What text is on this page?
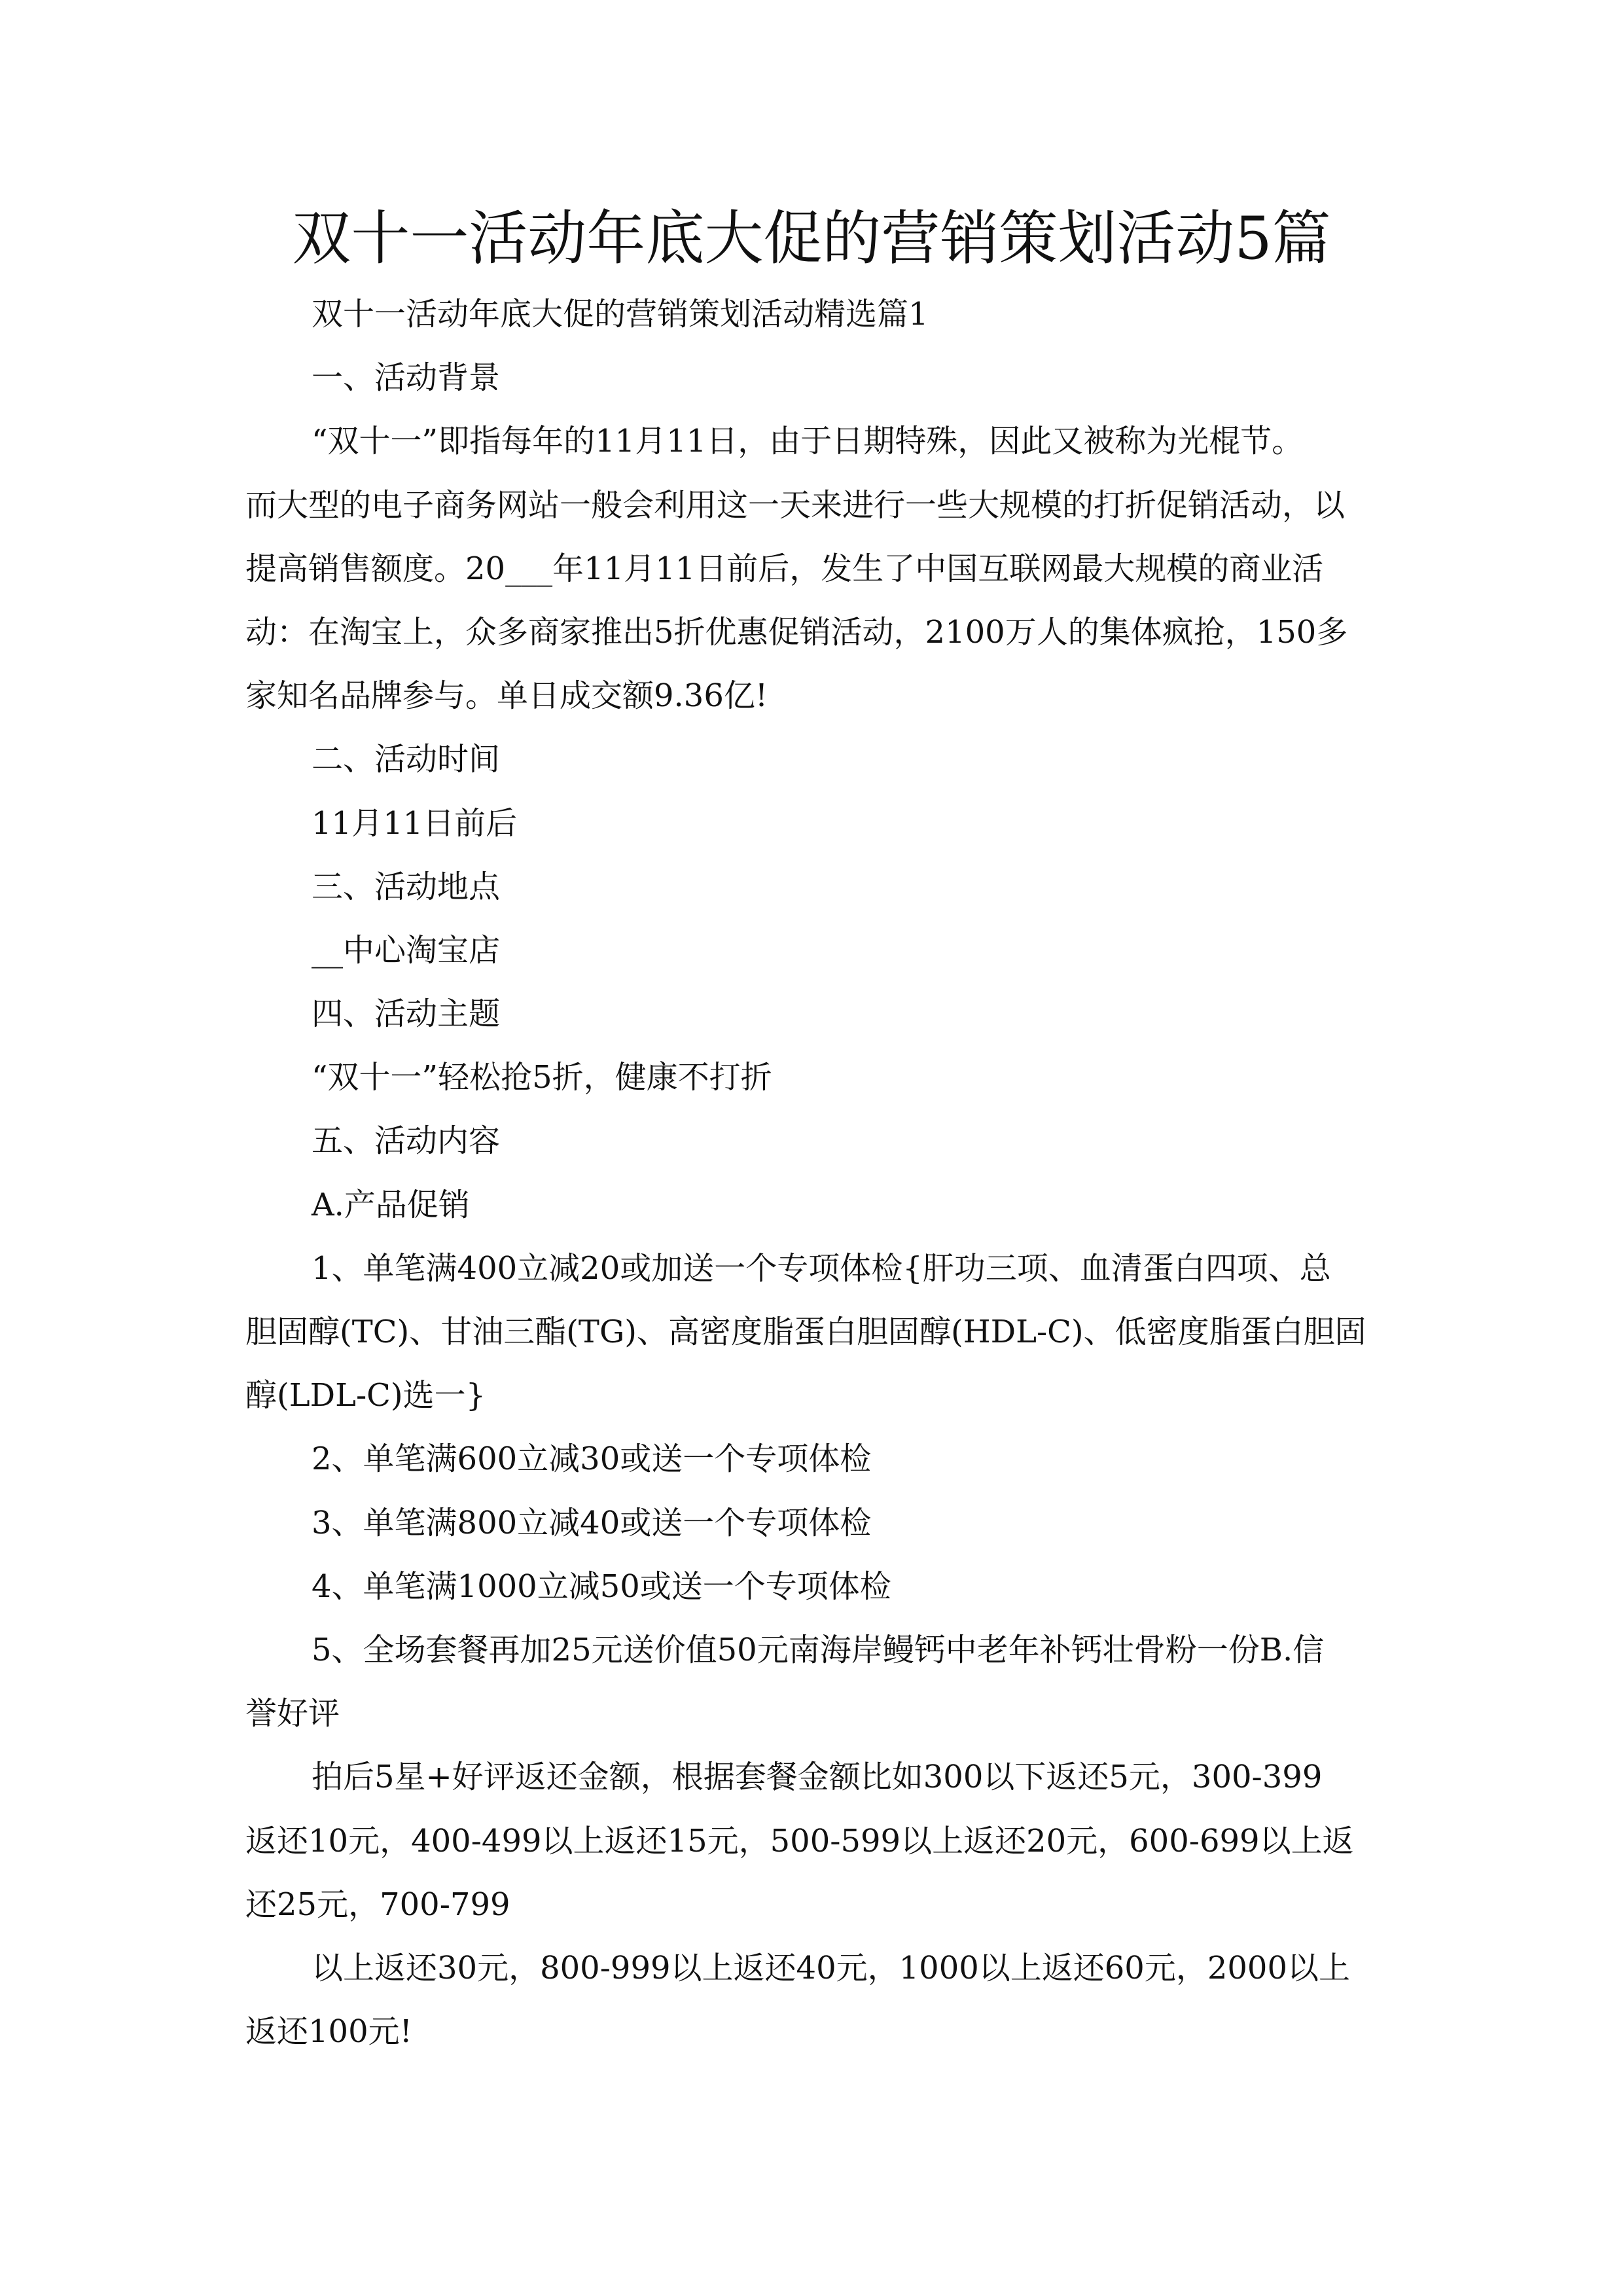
双十一活动年底大促的营销策划活动5篇
双十一活动年底大促的营销策划活动精选篇1
一、活动背景
“双十一”即指每年的11月11日，由于日期特殊，因此又被称为光棍节。
而大型的电子商务网站一般会利用这一天来进行一些大规模的打折促销活动，以
提高销售额度。20___年11月11日前后，发生了中国互联网最大规模的商业活
动：在淘宝上，众多商家推出5折优惠促销活动，2100万人的集体疯抢，150多
家知名品牌参与。单日成交额9.36亿!
二、活动时间
11月11日前后
三、活动地点
__中心淘宝店
四、活动主题
“双十一”轻松抢5折，健康不打折
五、活动内容
A.产品促销
1、单笔满400立减20或加送一个专项体检{肝功三项、血清蛋白四项、总
胆固醇(TC)、甘油三酯(TG)、高密度脂蛋白胆固醇(HDL-C)、低密度脂蛋白胆固
醇(LDL-C)选一}
2、单笔满600立减30或送一个专项体检
3、单笔满800立减40或送一个专项体检
4、单笔满1000立减50或送一个专项体检
5、全场套餐再加25元送价值50元南海岸鳗钙中老年补钙壮骨粉一份B.信
誉好评
拍后5星+好评返还金额，根据套餐金额比如300以下返还5元，300-399
返还10元，400-499以上返还15元，500-599以上返还20元，600-699以上返
还25元，700-799
以上返还30元，800-999以上返还40元，1000以上返还60元，2000以上
返还100元!
